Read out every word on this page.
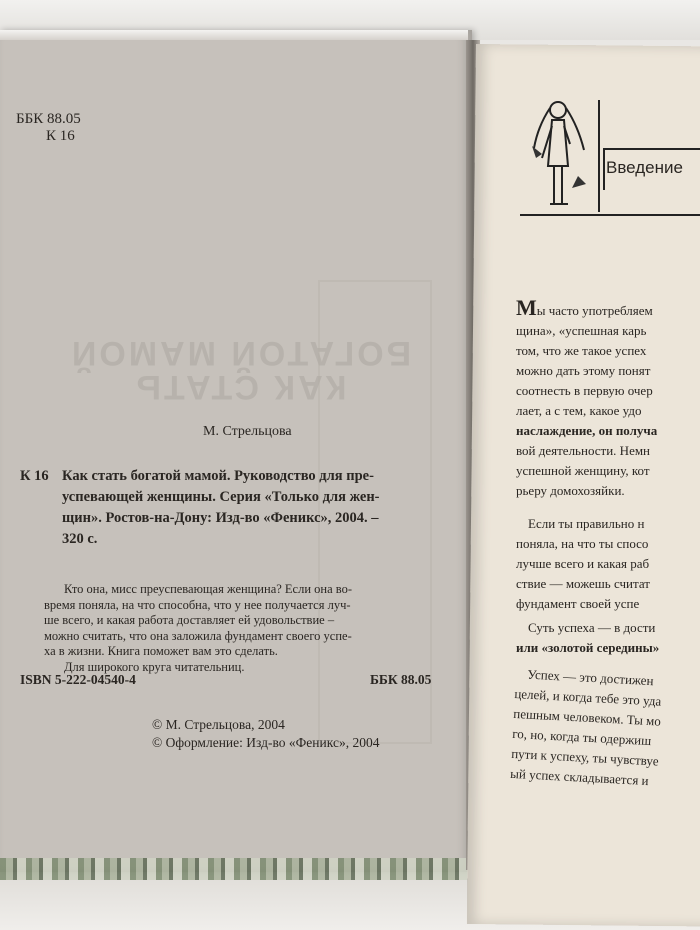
КАК СТАТЬ
БОГАТОЙ МАМОЙ
ББК 88.05
К 16
М. Стрельцова
К 16 Как стать богатой мамой. Руководство для пре-
успевающей женщины. Серия «Только для жен-
щин». Ростов-на-Дону: Изд-во «Феникс», 2004. –
320 с.
Кто она, мисс преуспевающая женщина? Если она во-
время поняла, на что способна, что у нее получается луч-
ше всего, и какая работа доставляет ей удовольствие –
можно считать, что она заложила фундамент своего успе-
ха в жизни. Книга поможет вам это сделать.
Для широкого круга читательниц.
ISBN 5-222-04540-4	ББК 88.05
© М. Стрельцова, 2004
© Оформление: Изд-во «Феникс», 2004
Введение
Мы часто употребляем
щина», «успешная карь
том, что же такое успех
можно дать этому понят
соотнесть в первую очер
лает, а с тем, какое удо
наслаждение, он получа
вой деятельности. Немн
успешной женщину, кот
рьеру домохозяйки.
Если ты правильно н
поняла, на что ты спосо
лучше всего и какая раб
ствие — можешь считат
фундамент своей успе
Суть успеха — в дости
или «золотой середины»
Успех — это достижен
целей, и когда тебе это уда
пешным человеком. Ты мо
го, но, когда ты одержиш
пути к успеху, ты чувствуе
ый успех складывается и
